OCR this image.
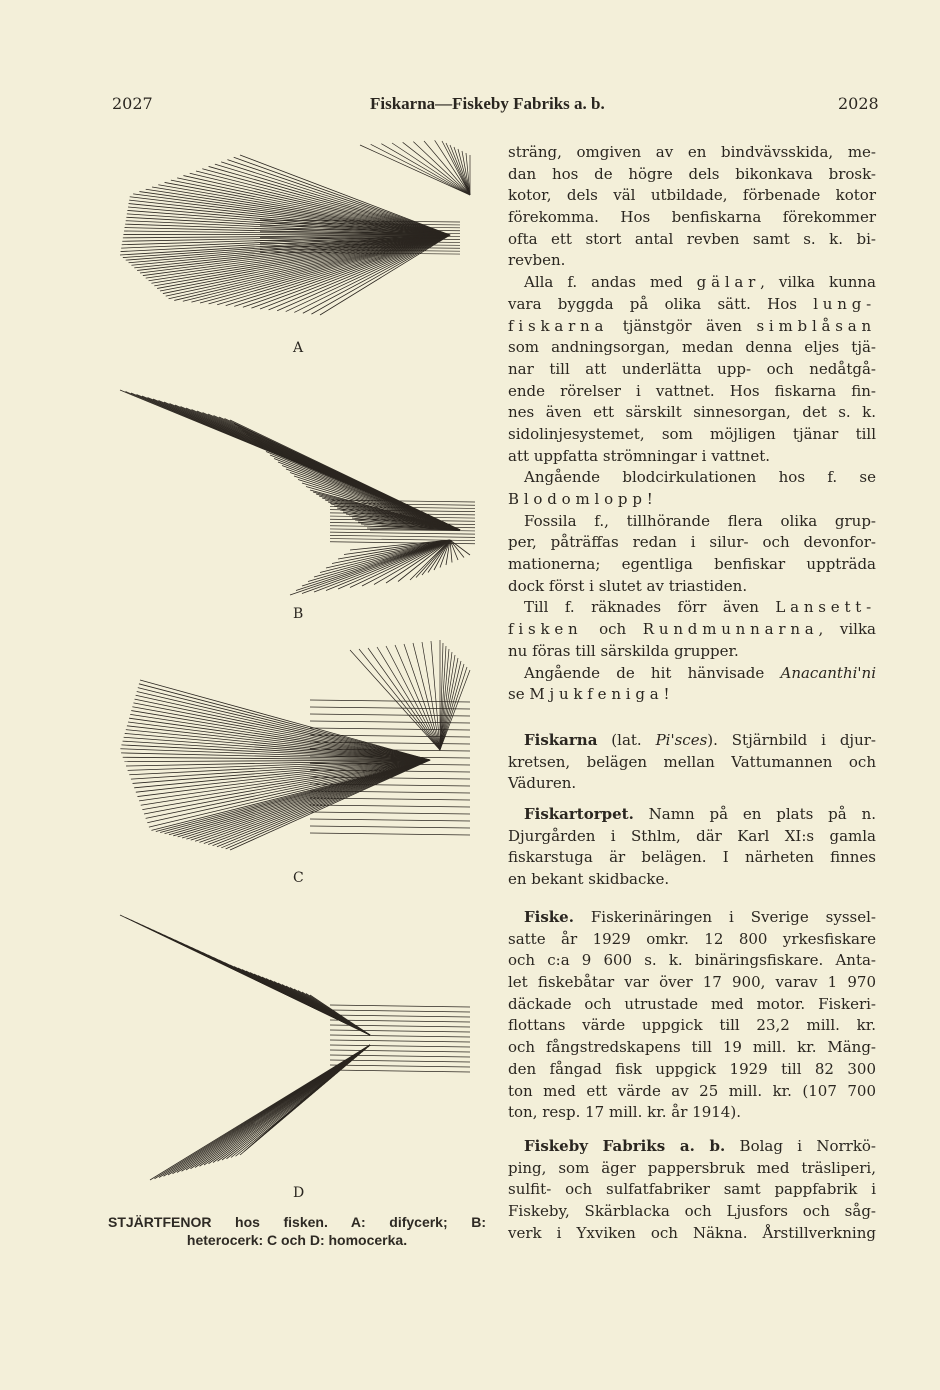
2027	Fiskarna—Fiskeby Fabriks a. b.	2028
A
B
C
D
STJÄRTFENOR hos fisken. A: difycerk; B:
heterocerk: C och D: homocerka.
sträng, omgiven av en bindvävsskida, me-
dan hos de högre dels bikonkava brosk-
kotor, dels väl utbildade, förbenade kotor
förekomma. Hos benfiskarna förekommer
ofta ett stort antal revben samt s. k. bi-
revben.
Alla f. andas med gälar, vilka kunna
vara byggda på olika sätt. Hos lung-
fiskarna tjänstgör även simblåsan
som andningsorgan, medan denna eljes tjä-
nar till att underlätta upp- och nedåtgå-
ende rörelser i vattnet. Hos fiskarna fin-
nes även ett särskilt sinnesorgan, det s. k.
sidolinjesystemet, som möjligen tjänar till
att uppfatta strömningar i vattnet.
Angående blodcirkulationen hos f. se
Blodomlopp!
Fossila f., tillhörande flera olika grup-
per, påträffas redan i silur- och devonfor-
mationerna; egentliga benfiskar uppträda
dock först i slutet av triastiden.
Till f. räknades förr även Lansett-
fisken och Rundmunnarna, vilka
nu föras till särskilda grupper.
Angående de hit hänvisade Anacanthi'ni
se Mjukfeniga!
Fiskarna (lat. Pi'sces). Stjärnbild i djur-
kretsen, belägen mellan Vattumannen och
Väduren.
Fiskartorpet. Namn på en plats på n.
Djurgården i Sthlm, där Karl XI:s gamla
fiskarstuga är belägen. I närheten finnes
en bekant skidbacke.
Fiske. Fiskerinäringen i Sverige syssel-
satte år 1929 omkr. 12 800 yrkesfiskare
och c:a 9 600 s. k. binäringsfiskare. Anta-
let fiskebåtar var över 17 900, varav 1 970
däckade och utrustade med motor. Fiskeri-
flottans värde uppgick till 23,2 mill. kr.
och fångstredskapens till 19 mill. kr. Mäng-
den fångad fisk uppgick 1929 till 82 300
ton med ett värde av 25 mill. kr. (107 700
ton, resp. 17 mill. kr. år 1914).
Fiskeby Fabriks a. b. Bolag i Norrkö-
ping, som äger pappersbruk med träsliperi,
sulfit- och sulfatfabriker samt pappfabrik i
Fiskeby, Skärblacka och Ljusfors och såg-
verk i Yxviken och Näkna. Årstillverkning
